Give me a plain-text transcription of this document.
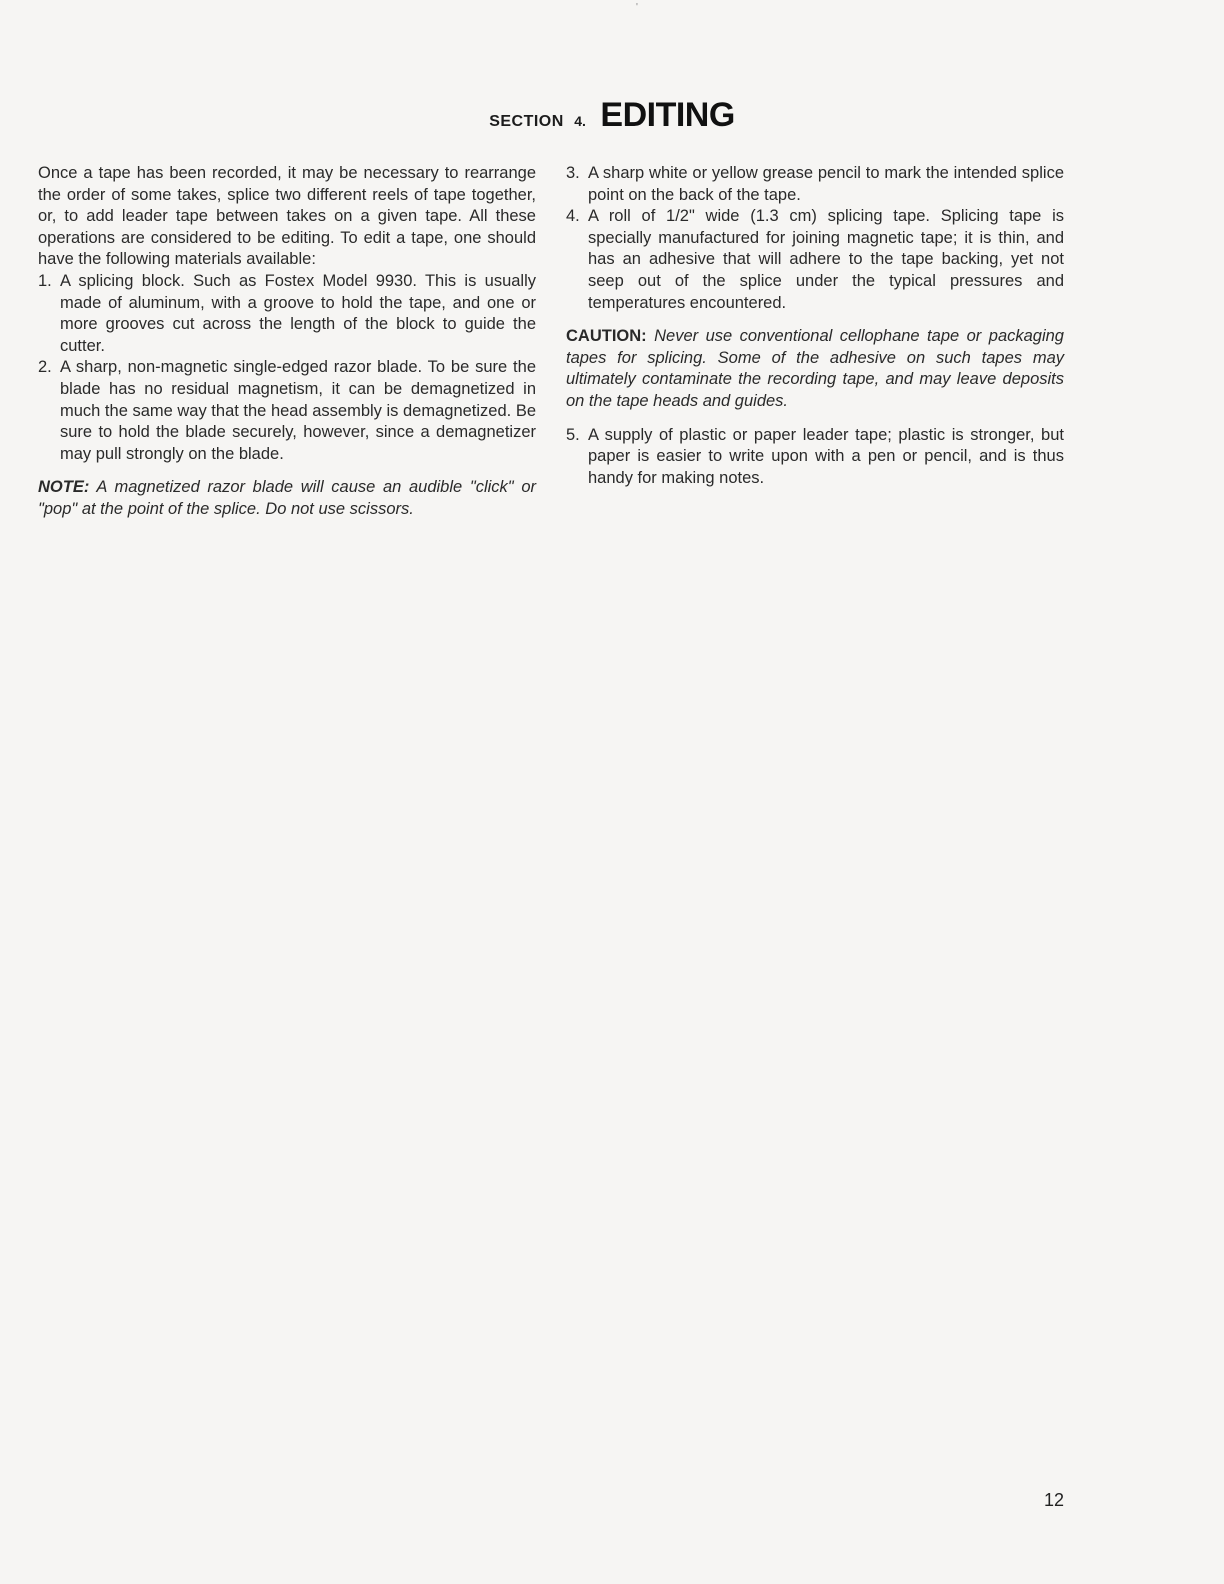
'
SECTION 4. EDITING

Once a tape has been recorded, it may be necessary to rearrange the order of some takes, splice two different reels of tape together, or, to add leader tape between takes on a given tape. All these operations are considered to be editing. To edit a tape, one should have the following materials available:

1. A splicing block. Such as Fostex Model 9930. This is usually made of aluminum, with a groove to hold the tape, and one or more grooves cut across the length of the block to guide the cutter.

2. A sharp, non-magnetic single-edged razor blade. To be sure the blade has no residual magnetism, it can be demagnetized in much the same way that the head assembly is demagnetized. Be sure to hold the blade securely, however, since a demagnetizer may pull strongly on the blade.

NOTE: A magnetized razor blade will cause an audible "click" or "pop" at the point of the splice. Do not use scissors.

3. A sharp white or yellow grease pencil to mark the intended splice point on the back of the tape.

4. A roll of 1/2" wide (1.3 cm) splicing tape. Splicing tape is specially manufactured for joining magnetic tape; it is thin, and has an adhesive that will adhere to the tape backing, yet not seep out of the splice under the typical pressures and temperatures encountered.

CAUTION: Never use conventional cellophane tape or packaging tapes for splicing. Some of the adhesive on such tapes may ultimately contaminate the recording tape, and may leave deposits on the tape heads and guides.

5. A supply of plastic or paper leader tape; plastic is stronger, but paper is easier to write upon with a pen or pencil, and is thus handy for making notes.

12
